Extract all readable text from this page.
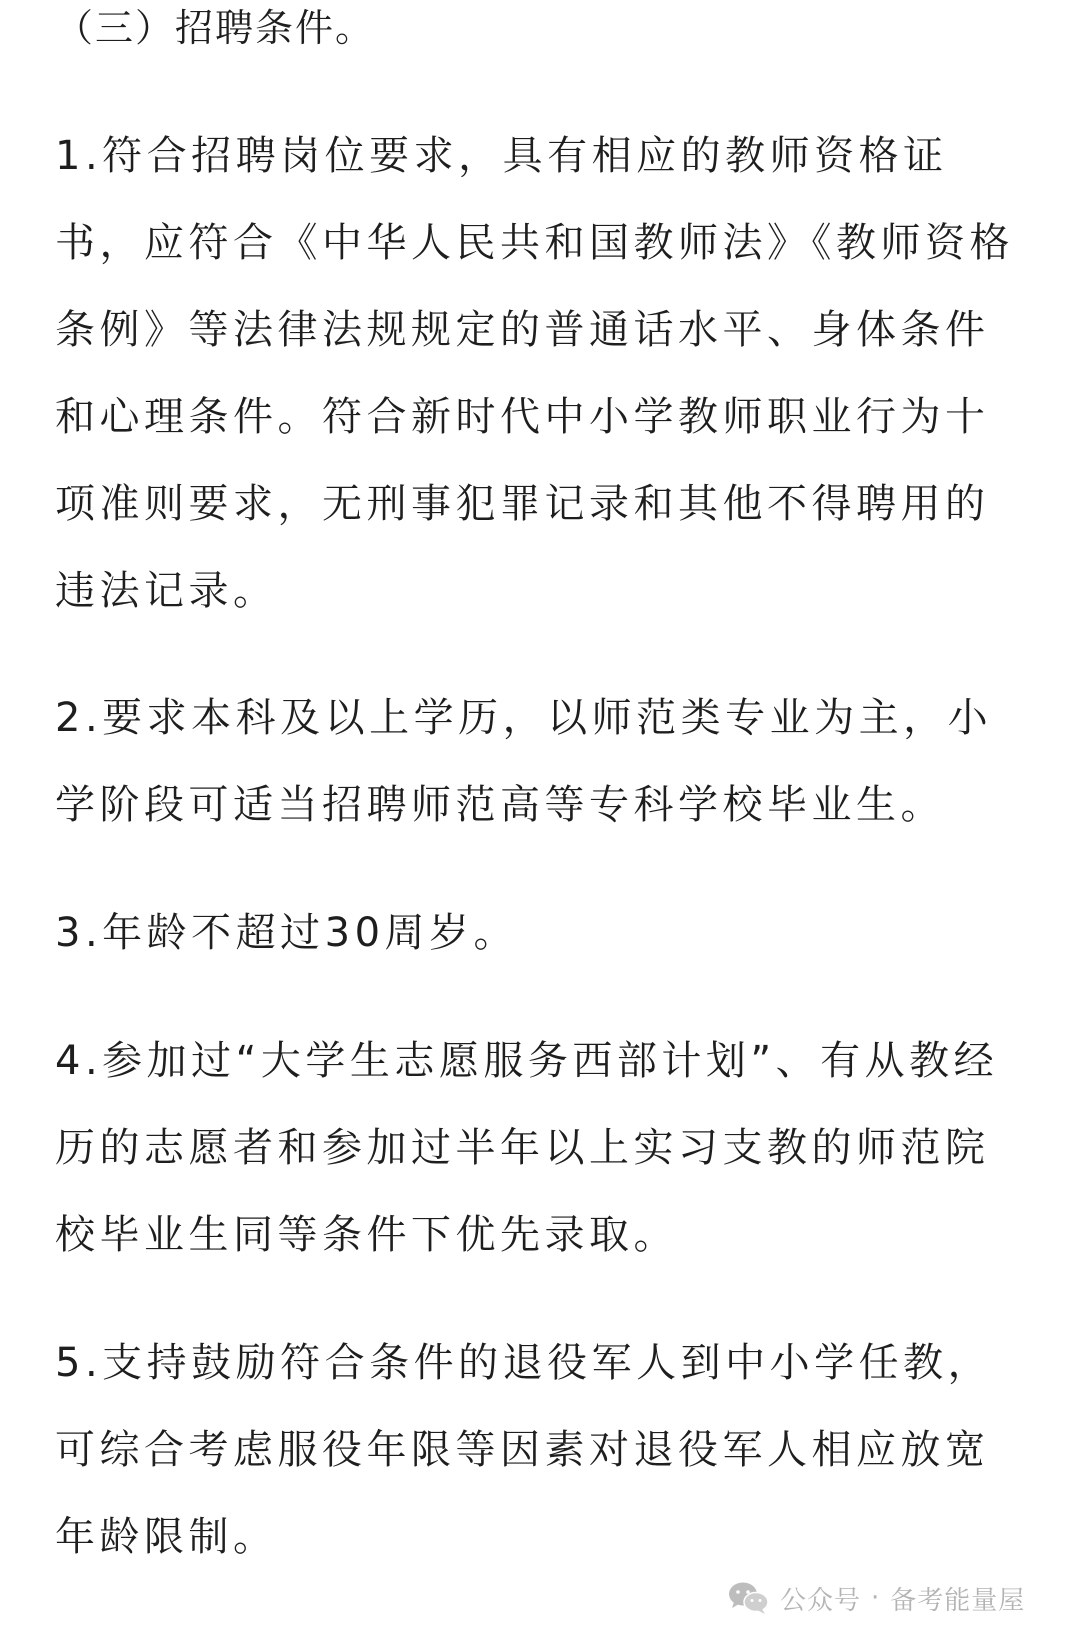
（三）招聘条件。
1.符合招聘岗位要求，具有相应的教师资格证
书，应符合《中华人民共和国教师法》《教师资格
条例》等法律法规规定的普通话水平、身体条件
和心理条件。符合新时代中小学教师职业行为十
项准则要求，无刑事犯罪记录和其他不得聘用的
违法记录。
2.要求本科及以上学历，以师范类专业为主，小
学阶段可适当招聘师范高等专科学校毕业生。
3.年龄不超过30周岁。
4.参加过“大学生志愿服务西部计划”、有从教经
历的志愿者和参加过半年以上实习支教的师范院
校毕业生同等条件下优先录取。
5.支持鼓励符合条件的退役军人到中小学任教，
可综合考虑服役年限等因素对退役军人相应放宽
年龄限制。
公众号 · 备考能量屋
